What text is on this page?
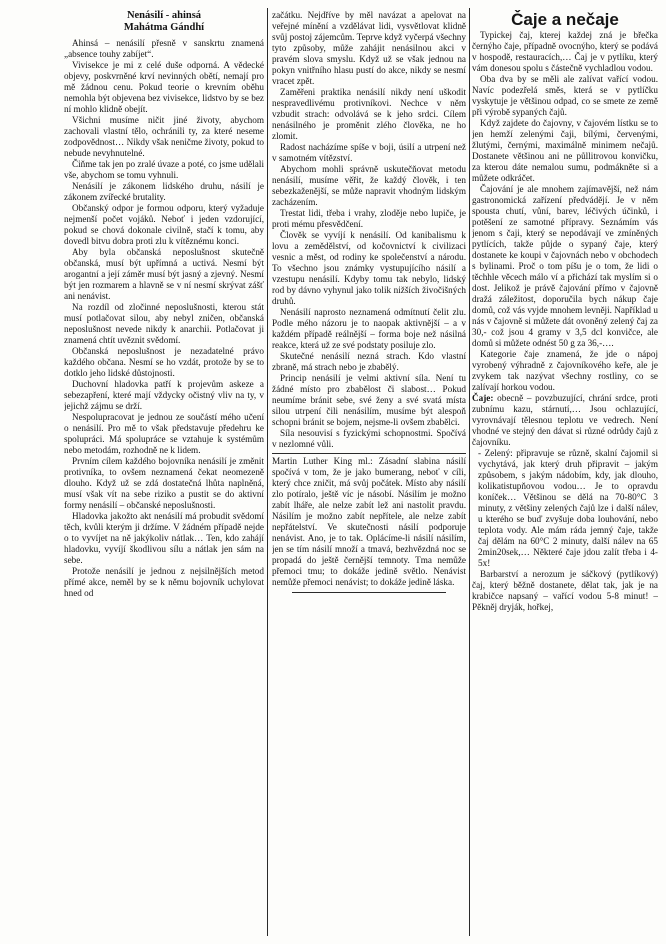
Nenásilí - ahinsá

Mahátma Gándhí

Ahinsá – nenásilí přesně v sanskrtu znamená „absence touhy zabíjet“.

Vivisekce je mi z celé duše odporná. A vědecké objevy, poskvrněné krví nevinných obětí, nemají pro mě žádnou cenu. Pokud teorie o krevním oběhu nemohla být objevena bez vivisekce, lidstvo by se bez ní mohlo klidně obejít.

Všichni musíme ničit jiné životy, abychom zachovali vlastní tělo, ochránili ty, za které neseme zodpovědnost… Nikdy však neničme životy, pokud to nebude nevyhnutelné.

Čiňme tak jen po zralé úvaze a poté, co jsme udělali vše, abychom se tomu vyhnuli.

Nenásilí je zákonem lidského druhu, násilí je zákonem zvířecké brutality.

Občanský odpor je formou odporu, který vyžaduje nejmenší počet vojáků. Neboť i jeden vzdorující, pokud se chová dokonale civilně, stačí k tomu, aby dovedl bitvu dobra proti zlu k vítěznému konci.

Aby byla občanská neposlušnost skutečně občanská, musí být upřímná a uctivá. Nesmí být arogantní a její záměr musí být jasný a zjevný. Nesmí být jen rozmarem a hlavně se v ní nesmí skrývat zášť ani nenávist.

Na rozdíl od zločinné neposlušnosti, kterou stát musí potlačovat silou, aby nebyl zničen, občanská neposlušnost nevede nikdy k anarchii. Potlačovat ji znamená chtít uvěznit svědomí.

Občanská neposlušnost je nezadatelné právo každého občana. Nesmí se ho vzdát, protože by se to dotklo jeho lidské důstojnosti.

Duchovní hladovka patří k projevům askeze a sebezapření, které mají vždycky očistný vliv na ty, v jejichž zájmu se drží.

Nespolupracovat je jednou ze součástí mého učení o nenásilí. Pro mě to však představuje předehru ke spolupráci. Má spolupráce se vztahuje k systémům nebo metodám, rozhodně ne k lidem.

Prvním cílem každého bojovníka nenásilí je změnit protivníka, to ovšem neznamená čekat neomezeně dlouho. Když už se zdá dostatečná lhůta naplněná, musí však vít na sebe riziko a pustit se do aktivní formy nenásilí – občanské neposlušnosti.

Hladovka jakožto akt nenásilí má probudit svědomí těch, kvůli kterým ji držíme. V žádném případě nejde o to vyvíjet na ně jakýkoliv nátlak… Ten, kdo zahájí hladovku, vyvíjí škodlivou sílu a nátlak jen sám na sebe.

Protože nenásilí je jednou z nejsilnějších metod přímé akce, neměl by se k němu bojovník uchylovat hned od

začátku. Nejdříve by měl navázat a apelovat na veřejné mínění a vzdělávat lidi, vysvětlovat klidně svůj postoj zájemcům. Teprve když vyčerpá všechny tyto způsoby, může zahájit nenásilnou akci v pravém slova smyslu. Když už se však jednou na pokyn vnitřního hlasu pustí do akce, nikdy se nesmí vracet zpět.

Zaměřeni praktika nenásilí nikdy není uškodit nespravedlivému protivníkovi. Nechce v něm vzbudit strach: odvolává se k jeho srdci. Cílem nenásilného je proměnit zlého člověka, ne ho zlomit.

Radost nacházíme spíše v boji, úsilí a utrpení než v samotném vítězství.

Abychom mohli správně uskutečňovat metodu nenásilí, musíme věřit, že každý člověk, i ten sebezkaženější, se může napravit vhodným lidským zacházením.

Trestat lidi, třeba i vrahy, zloděje nebo lupiče, je proti mému přesvědčení.

Člověk se vyvíjí k nenásilí. Od kanibalismu k lovu a zemědělství, od kočovnictví k civilizaci vesnic a měst, od rodiny ke společenství a národu. To všechno jsou známky vystupujícího násilí a vzestupu nenásilí. Kdyby tomu tak nebylo, lidský rod by dávno vyhynul jako tolik nižších živočišných druhů.

Nenásilí naprosto neznamená odmítnutí čelit zlu. Podle mého názoru je to naopak aktivnější – a v každém případě reálnější – forma boje než násilná reakce, která už ze své podstaty posiluje zlo.

Skutečné nenásilí nezná strach. Kdo vlastní zbraně, má strach nebo je zbabělý.

Princip nenásilí je velmi aktivní síla. Není tu žádné místo pro zbabělost či slabost… Pokud neumíme bránit sebe, své ženy a své svatá místa silou utrpení čili nenásilím, musíme být alespoň schopni bránit se bojem, nejsme-li ovšem zbabělci.

Síla nesouvisí s fyzickými schopnostmi. Spočívá v nezlomné vůli.

Martin Luther King ml.: Zásadní slabina násilí spočívá v tom, že je jako bumerang, neboť v cíli, který chce zničit, má svůj počátek. Místo aby násilí zlo potíralo, ještě víc je násobí. Násilím je možno zabít lháře, ale nelze zabít lež ani nastolit pravdu. Násilím je možno zabít nepřítele, ale nelze zabít nepřátelství. Ve skutečnosti násilí podporuje nenávist. Ano, je to tak. Oplácíme-li násilí násilím, jen se tím násilí množí a tmavá, bezhvězdná noc se propadá do ještě černější temnoty. Tma nemůže přemoci tmu; to dokáže jedině světlo. Nenávist nemůže přemoci nenávist; to dokáže jedině láska.

Čaje a nečaje

Typickej čaj, kterej každej zná je břečka černýho čaje, případně ovocnýho, který se podává v hospodě, restauracích,… Čaj je v pytlíku, který vám donesou spolu s částečně vychladlou vodou.

Oba dva by se měli ale zalívat vařící vodou. Navíc podezřelá směs, která se v pytlíčku vyskytuje je většinou odpad, co se smete ze země při výrobě sypaných čajů.

Když zajdete do čajovny, v čajovém lístku se to jen hemží zelenými čaji, bílými, červenými, žlutými, černými, maximálně minimem nečajů. Dostanete většinou ani ne půllitrovou konvičku, za kterou dáte nemalou sumu, podmákněte si a můžete odkráčet.

Čajování je ale mnohem zajímavější, než nám gastronomická zařízení předvádějí. Je v něm spousta chutí, vůní, barev, léčivých účinků, i potěšení ze samotné přípravy. Seznámím vás jenom s čaji, který se nepodávají ve zmíněných pytlících, takže půjde o sypaný čaje, který dostanete ke koupi v čajovnách nebo v obchodech s bylinami. Proč o tom píšu je o tom, že lidi o těchhle věcech málo ví a přichází tak myslím si o dost. Jelikož je právě čajování přímo v čajovně dražá záležitost, doporučila bych nákup čaje domů, což vás vyjde mnohem levněji. Například u nás v čajovně si můžete dát ovoněný zelený čaj za 30,- což jsou 4 gramy v 3,5 dcl konvičce, ale domů si můžete odnést 50 g za 36,-….

Kategorie čaje znamená, že jde o nápoj vyrobený výhradně z čajovníkového keře, ale je zvykem tak nazývat všechny rostliny, co se zalívají horkou vodou.

Čaje: obecně – povzbuzující, chrání srdce, proti zubnímu kazu, stárnutí,… Jsou ochlazující, vyrovnávají tělesnou teplotu ve vedrech. Není vhodné ve stejný den dávat si různé odrůdy čajů z čajovníku.

- Zelený: připravuje se různě, skalní čajomil si vychytává, jak který druh připravit – jakým způsobem, s jakým nádobím, kdy, jak dlouho, kolikatistupňovou vodou… Je to opravdu koníček… Většinou se dělá na 70-80°C 3 minuty, z většiny zelených čajů lze i další nálev, u kterého se buď zvyšuje doba louhování, nebo teplota vody. Ale mám ráda jemný čaje, takže čaj dělám na 60°C 2 minuty, další nálev na 65 2min20sek,… Některé čaje jdou zalít třeba i 4-5x!

Barbarství a nerozum je sáčkový (pytlíkový) čaj, který běžně dostanete, dělat tak, jak je na krabičce napsaný – vařící vodou 5-8 minut! – Pěkněj dryják, hořkej,
